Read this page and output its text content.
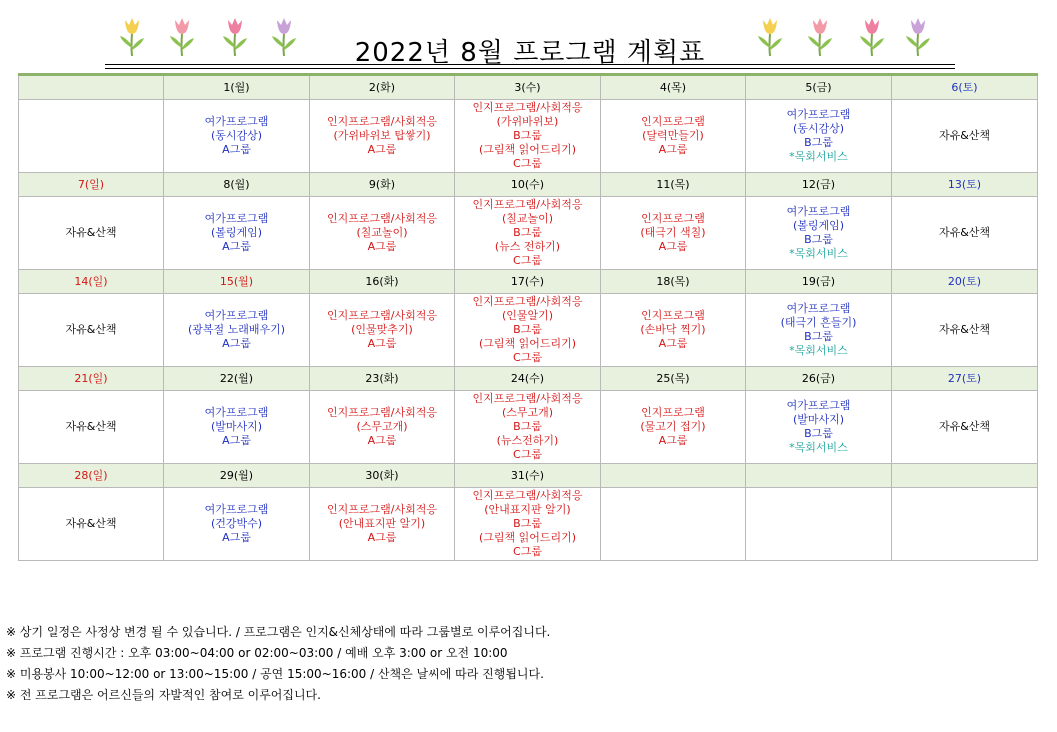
2022년 8월 프로그램 계획표
	1(월)	2(화)	3(수)	4(목)	5(금)	6(토)

	여가프로그램
(동시감상)
A그룹	인지프로그램/사회적응
(가위바위보 탑쌓기)
A그룹	인지프로그램/사회적응
(가위바위보)
B그룹
(그림책 읽어드리기)
C그룹	인지프로그램
(달력만들기)
A그룹	여가프로그램
(동시감상)
B그룹
*목회서비스	자유&산책

7(일)	8(월)	9(화)	10(수)	11(목)	12(금)	13(토)

자유&산책	여가프로그램
(볼링게임)
A그룹	인지프로그램/사회적응
(칠교놀이)
A그룹	인지프로그램/사회적응
(칠교놀이)
B그룹
(뉴스 전하기)
C그룹	인지프로그램
(태극기 색칠)
A그룹	여가프로그램
(볼링게임)
B그룹
*목회서비스	자유&산책

14(일)	15(월)	16(화)	17(수)	18(목)	19(금)	20(토)

자유&산책	여가프로그램
(광복절 노래배우기)
A그룹	인지프로그램/사회적응
(인물맞추기)
A그룹	인지프로그램/사회적응
(인물알기)
B그룹
(그림책 읽어드리기)
C그룹	인지프로그램
(손바닥 찍기)
A그룹	여가프로그램
(태극기 흔들기)
B그룹
*목회서비스	자유&산책

21(일)	22(월)	23(화)	24(수)	25(목)	26(금)	27(토)

자유&산책	여가프로그램
(발마사지)
A그룹	인지프로그램/사회적응
(스무고개)
A그룹	인지프로그램/사회적응
(스무고개)
B그룹
(뉴스전하기)
C그룹	인지프로그램
(물고기 접기)
A그룹	여가프로그램
(발마사지)
B그룹
*목회서비스	자유&산책

28(일)	29(월)	30(화)	31(수)			

자유&산책	여가프로그램
(건강박수)
A그룹	인지프로그램/사회적응
(안내표지판 알기)
A그룹	인지프로그램/사회적응
(안내표지판 알기)
B그룹
(그림책 읽어드리기)
C그룹			

※ 상기 일정은 사정상 변경 될 수 있습니다. / 프로그램은 인지&신체상태에 따라 그룹별로 이루어집니다.
※ 프로그램 진행시간 : 오후 03:00~04:00 or 02:00~03:00 / 예배 오후 3:00 or 오전 10:00
※ 미용봉사 10:00~12:00 or 13:00~15:00 / 공연 15:00~16:00 / 산책은 날씨에 따라 진행됩니다.
※ 전 프로그램은 어르신들의 자발적인 참여로 이루어집니다.
